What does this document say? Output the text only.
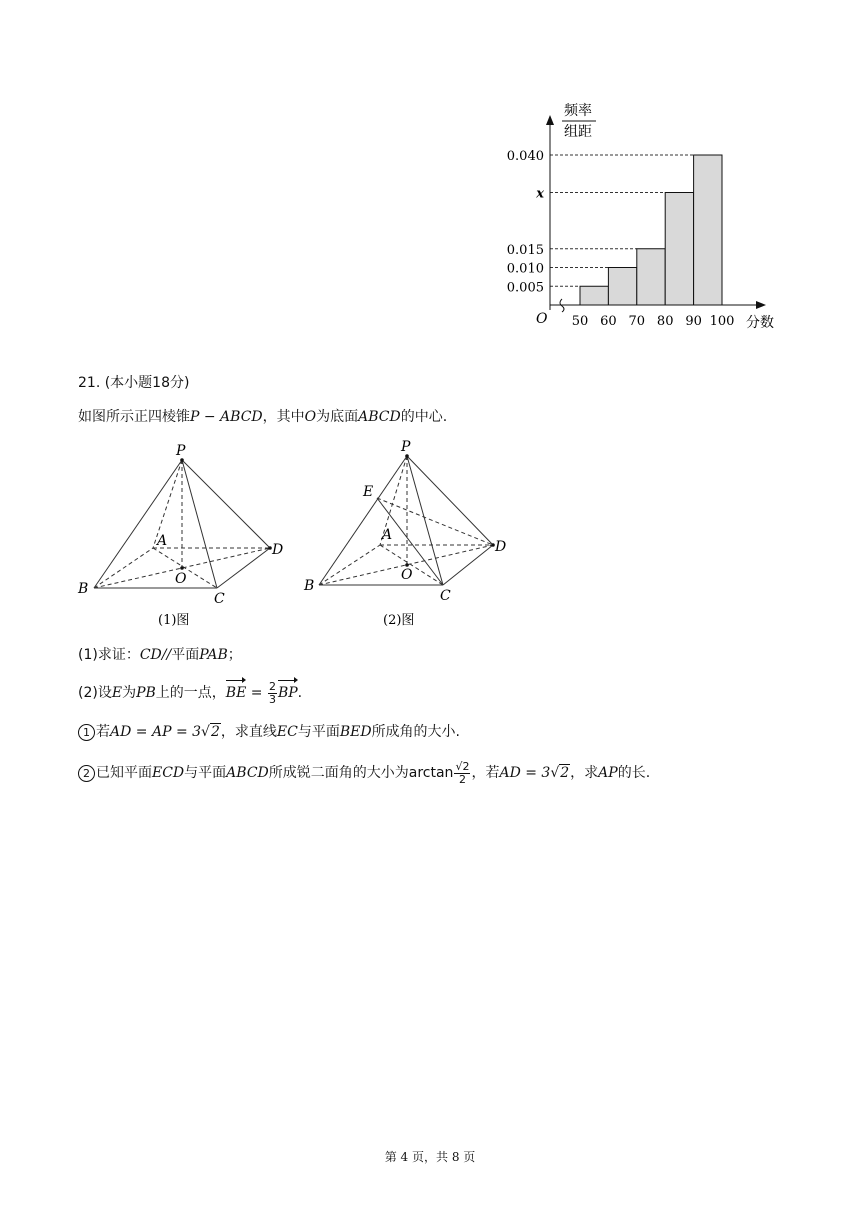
0.040
x
0.015
0.010
0.005
50 60 70 80 90 100
频率
组距
O	分数
21. (本小题18分)
如图所示正四棱锥P − ABCD，其中O为底面ABCD的中心.
P
A
B
C
D
O
(1)图
P
E
A
B
C
D
O
(2)图
(1)求证：CD//平面PAB；
(2)设E为PB上的一点，BE = $\frac{2}{3}$ BP.
1 若AD = AP = 3√2，求直线EC与平面BED所成角的大小.
2 已知平面ECD与平面ABCD所成锐二面角的大小为$\arctan \frac{√2}{2}$ ，若AD = 3√2，求AP的长.
第 4 页，共 8 页
